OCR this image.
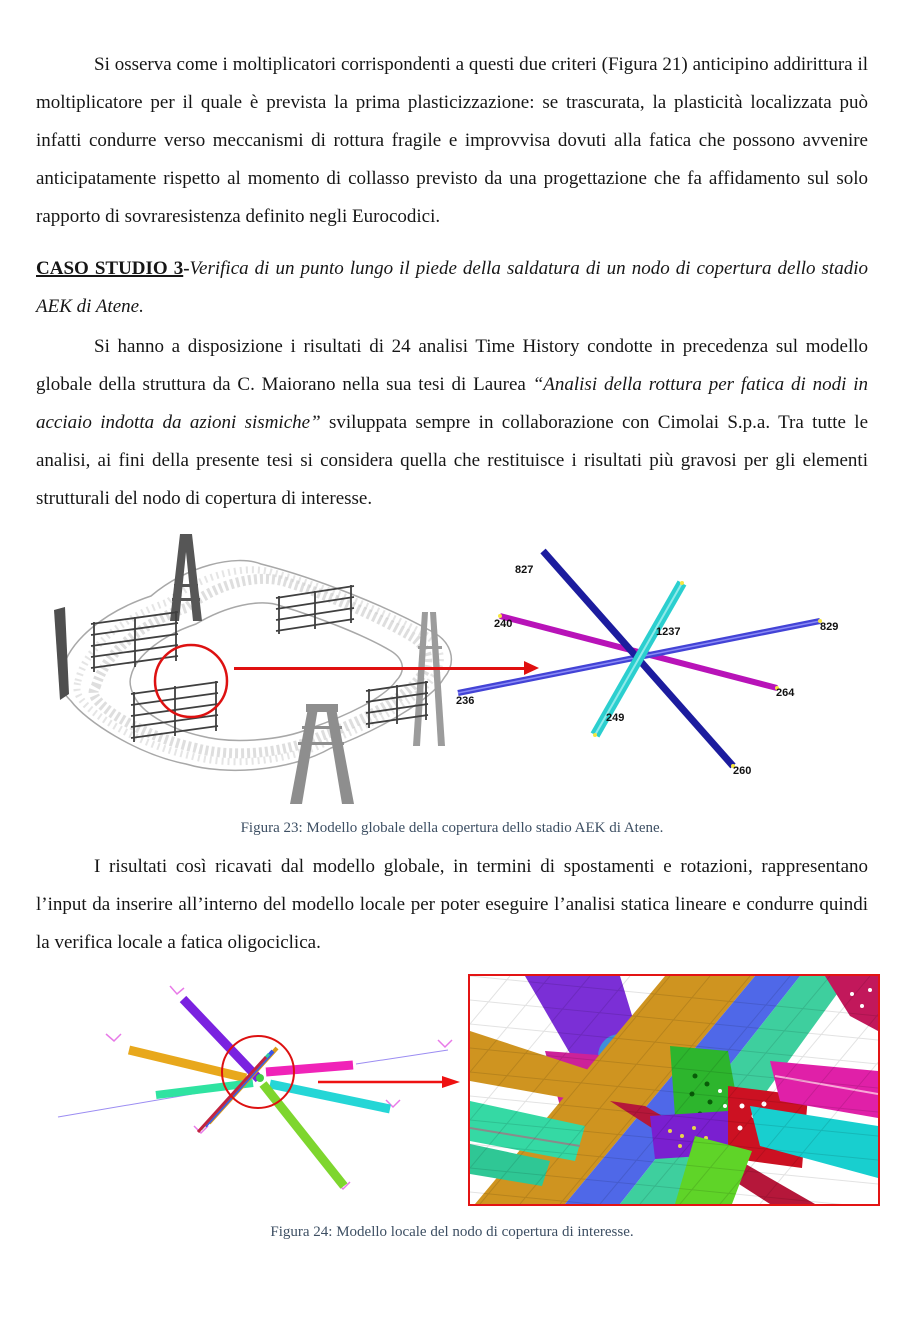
Si osserva come i moltiplicatori corrispondenti a questi due criteri (Figura 21) anticipino addirittura il moltiplicatore per il quale è prevista la prima plasticizzazione: se trascurata, la plasticità localizzata può infatti condurre verso meccanismi di rottura fragile e improvvisa dovuti alla fatica che possono avvenire anticipatamente rispetto al momento di collasso previsto da una progettazione che fa affidamento sul solo rapporto di sovraresistenza definito negli Eurocodici.

CASO STUDIO 3-Verifica di un punto lungo il piede della saldatura di un nodo di copertura dello stadio AEK di Atene.

Si hanno a disposizione i risultati di 24 analisi Time History condotte in precedenza sul modello globale della struttura da C. Maiorano nella sua tesi di Laurea “Analisi della rottura per fatica di nodi in acciaio indotta da azioni sismiche” sviluppata sempre in collaborazione con Cimolai S.p.a. Tra tutte le analisi, ai fini della presente tesi si considera quella che restituisce i risultati più gravosi per gli elementi strutturali del nodo di copertura di interesse.

827
240
1237	829
236
264
249
260

Figura 23: Modello globale della copertura dello stadio AEK di Atene.

I risultati così ricavati dal modello globale, in termini di spostamenti e rotazioni, rappresentano l’input da inserire all’interno del modello locale per poter eseguire l’analisi statica lineare e condurre quindi la verifica locale a fatica oligociclica.

Figura 24: Modello locale del nodo di copertura di interesse.
